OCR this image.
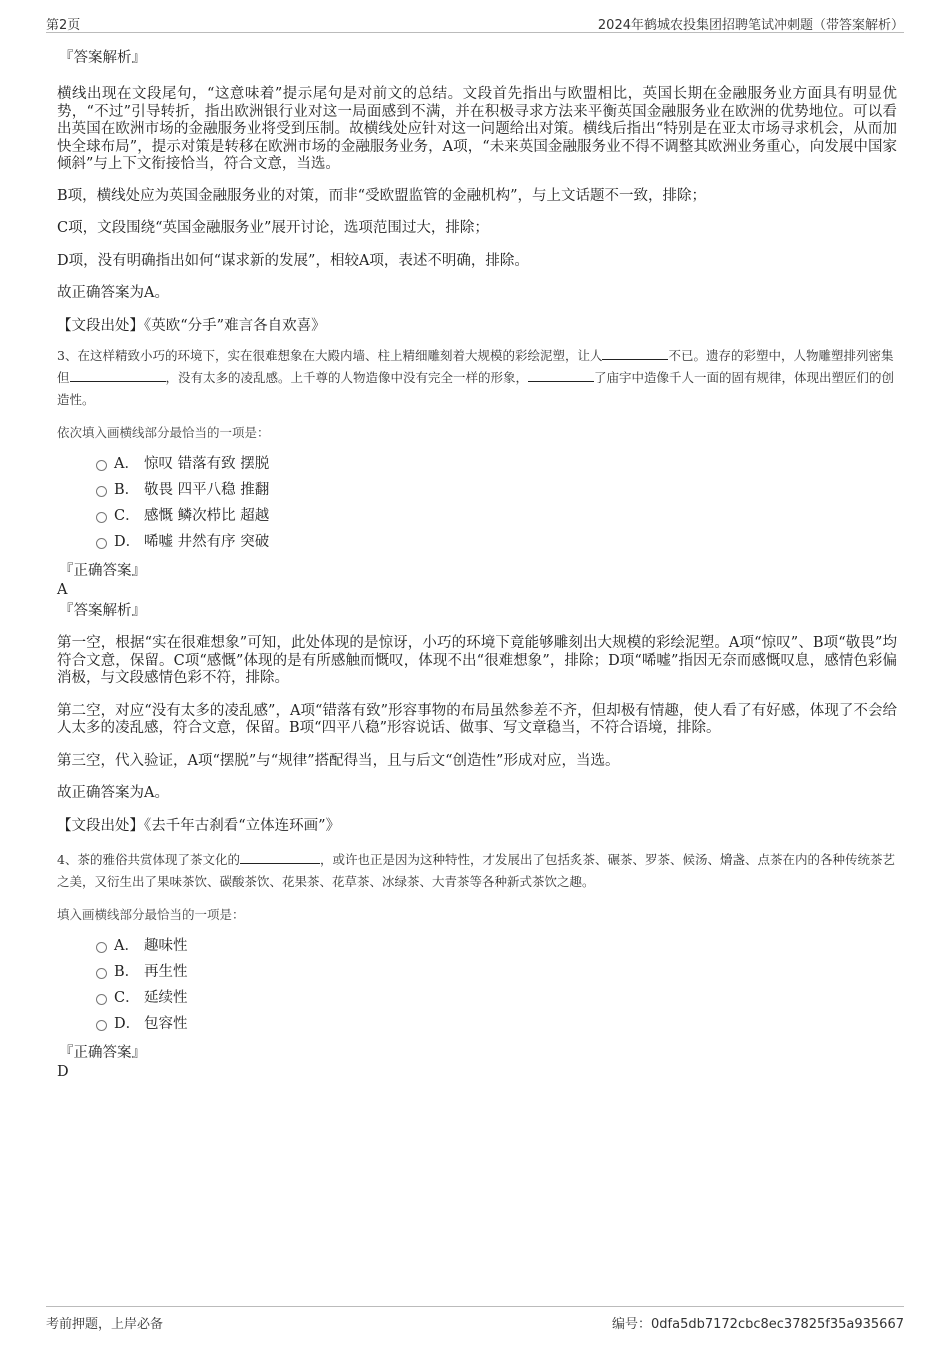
第2页	2024年鹤城农投集团招聘笔试冲刺题（带答案解析）
『答案解析』

横线出现在文段尾句，“这意味着”提示尾句是对前文的总结。文段首先指出与欧盟相比，英国长期在金融服务业方面具有明显优势，“不过”引导转折，指出欧洲银行业对这一局面感到不满，并在积极寻求方法来平衡英国金融服务业在欧洲的优势地位。可以看出英国在欧洲市场的金融服务业将受到压制。故横线处应针对这一问题给出对策。横线后指出“特别是在亚太市场寻求机会，从而加快全球布局”，提示对策是转移在欧洲市场的金融服务业务，A项，“未来英国金融服务业不得不调整其欧洲业务重心，向发展中国家倾斜”与上下文衔接恰当，符合文意，当选。

B项，横线处应为英国金融服务业的对策，而非“受欧盟监管的金融机构”，与上文话题不一致，排除；

C项，文段围绕“英国金融服务业”展开讨论，选项范围过大，排除；

D项，没有明确指出如何“谋求新的发展”，相较A项，表述不明确，排除。

故正确答案为A。

【文段出处】《英欧“分手”难言各自欢喜》

3、在这样精致小巧的环境下，实在很难想象在大殿内墙、柱上精细雕刻着大规模的彩绘泥塑，让人	不已。遗存的彩塑中，人物雕塑排列密集但	，没有太多的凌乱感。上千尊的人物造像中没有完全一样的形象，	了庙宇中造像千人一面的固有规律，体现出塑匠们的创造性。

依次填入画横线部分最恰当的一项是：

A． 惊叹 错落有致 摆脱
B． 敬畏 四平八稳 推翻
C． 感慨 鳞次栉比 超越
D． 唏嘘 井然有序 突破
『正确答案』
A
『答案解析』

第一空，根据“实在很难想象”可知，此处体现的是惊讶，小巧的环境下竟能够雕刻出大规模的彩绘泥塑。A项“惊叹”、B项“敬畏”均符合文意，保留。C项“感慨”体现的是有所感触而慨叹，体现不出“很难想象”，排除；D项“唏嘘”指因无奈而感慨叹息，感情色彩偏消极，与文段感情色彩不符，排除。

第二空，对应“没有太多的凌乱感”，A项“错落有致”形容事物的布局虽然参差不齐，但却极有情趣，使人看了有好感，体现了不会给人太多的凌乱感，符合文意，保留。B项“四平八稳”形容说话、做事、写文章稳当，不符合语境，排除。

第三空，代入验证，A项“摆脱”与“规律”搭配得当，且与后文“创造性”形成对应，当选。

故正确答案为A。

【文段出处】《去千年古刹看“立体连环画”》

4、茶的雅俗共赏体现了茶文化的	，或许也正是因为这种特性，才发展出了包括炙茶、碾茶、罗茶、候汤、熁盏、点茶在内的各种传统茶艺之美，又衍生出了果味茶饮、碳酸茶饮、花果茶、花草茶、冰绿茶、大青茶等各种新式茶饮之趣。

填入画横线部分最恰当的一项是：

A． 趣味性
B． 再生性
C． 延续性
D． 包容性
『正确答案』
D
考前押题，上岸必备	编号：0dfa5db7172cbc8ec37825f35a935667
